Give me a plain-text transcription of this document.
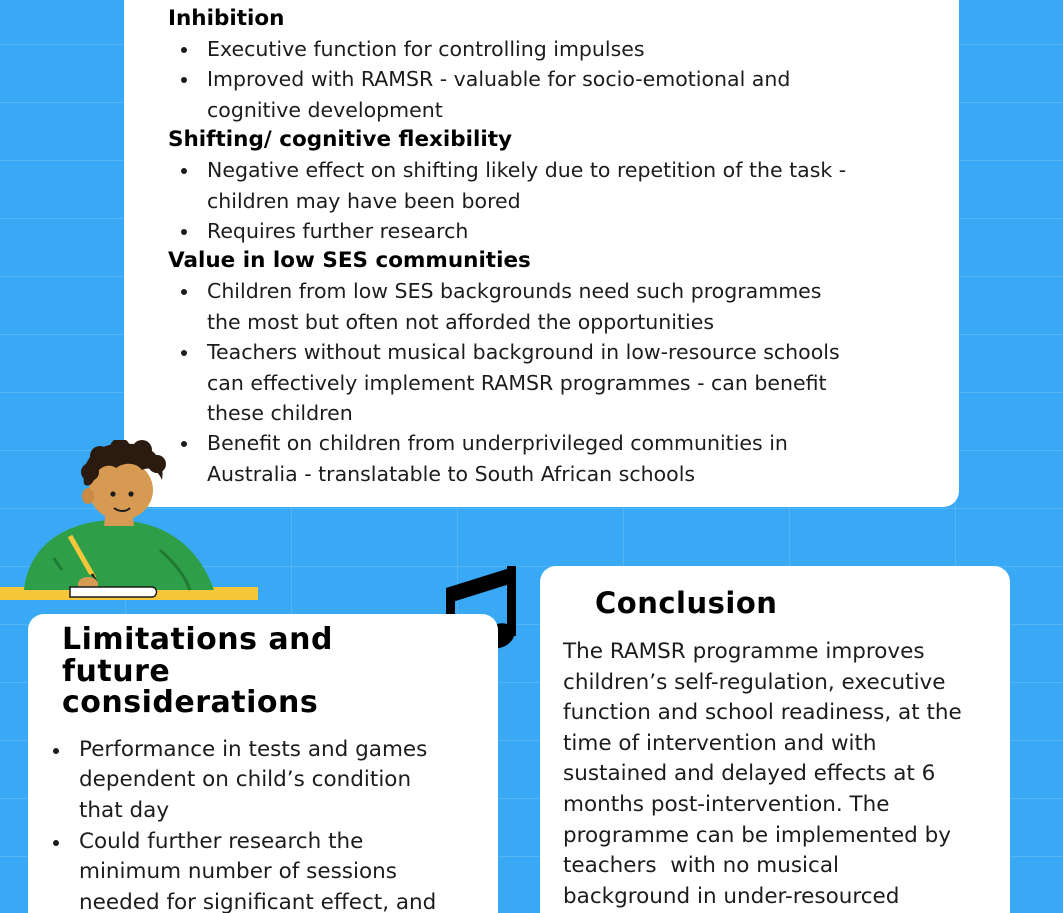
Inhibition
Executive function for controlling impulses
Improved with RAMSR - valuable for socio-emotional and
cognitive development
Shifting/ cognitive flexibility
Negative effect on shifting likely due to repetition of the task -
children may have been bored
Requires further research
Value in low SES communities
Children from low SES backgrounds need such programmes
the most but often not afforded the opportunities
Teachers without musical background in low-resource schools
can effectively implement RAMSR programmes - can benefit
these children
Benefit on children from underprivileged communities in
Australia - translatable to South African schools
Limitations and
future
considerations
Performance in tests and games
dependent on child’s condition
that day
Could further research the
minimum number of sessions
needed for significant effect, and
Conclusion
The RAMSR programme improves
children’s self-regulation, executive
function and school readiness, at the
time of intervention and with
sustained and delayed effects at 6
months post-intervention. The
programme can be implemented by
teachers  with no musical
background in under-resourced
